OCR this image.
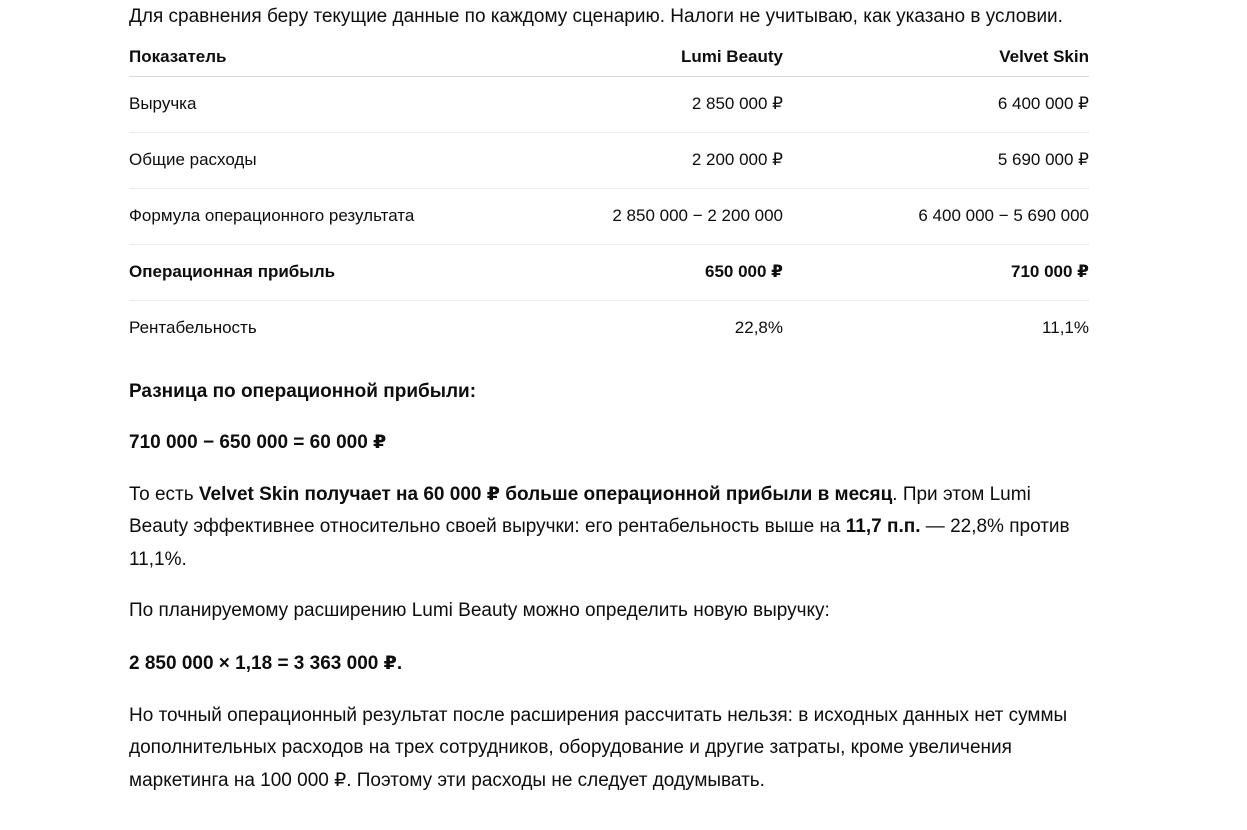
Для сравнения беру текущие данные по каждому сценарию. Налоги не учитываю, как указано в условии.

Показатель	Lumi Beauty	Velvet Skin
Выручка	2 850 000 ₽	6 400 000 ₽
Общие расходы	2 200 000 ₽	5 690 000 ₽
Формула операционного результата	2 850 000 − 2 200 000	6 400 000 − 5 690 000
Операционная прибыль	650 000 ₽	710 000 ₽
Рентабельность	22,8%	11,1%

Разница по операционной прибыли:

710 000 − 650 000 = 60 000 ₽

То есть Velvet Skin получает на 60 000 ₽ больше операционной прибыли в месяц. При этом Lumi Beauty эффективнее относительно своей выручки: его рентабельность выше на 11,7 п.п. — 22,8% против 11,1%.

По планируемому расширению Lumi Beauty можно определить новую выручку:

2 850 000 × 1,18 = 3 363 000 ₽.

Но точный операционный результат после расширения рассчитать нельзя: в исходных данных нет суммы дополнительных расходов на трех сотрудников, оборудование и другие затраты, кроме увеличения маркетинга на 100 000 ₽. Поэтому эти расходы не следует додумывать.
